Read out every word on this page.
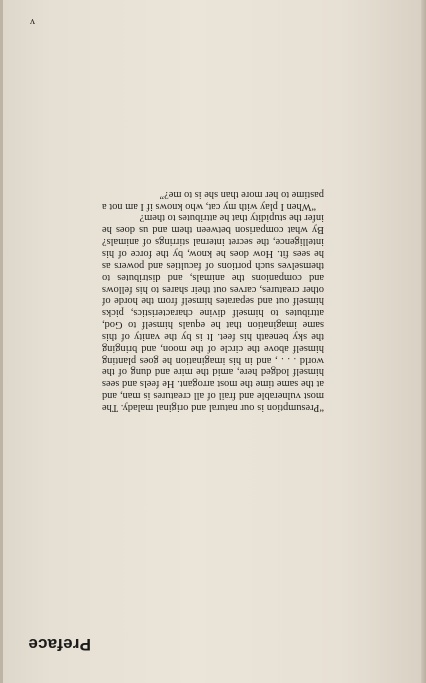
v

“Presumption is our natural and original malady. The most vulnerable and frail of all creatures is man, and at the same time the most arrogant. He feels and sees himself lodged here, amid the mire and dung of the world . . . , and in his imagination he goes planting himself above the circle of the moon, and bringing the sky beneath his feet. It is by the vanity of this same imagination that he equals himself to God, attributes to himself divine characteristics, picks himself out and separates himself from the horde of other creatures, carves out their shares to his fellows and companions the animals, and distributes to themselves such portions of faculties and powers as he sees fit. How does he know, by the force of his intelligence, the secret internal stirrings of animals? By what comparison between them and us does he infer the stupidity that he attributes to them?

“When I play with my cat, who knows if I am not a pastime to her more than she is to me?”

Preface
